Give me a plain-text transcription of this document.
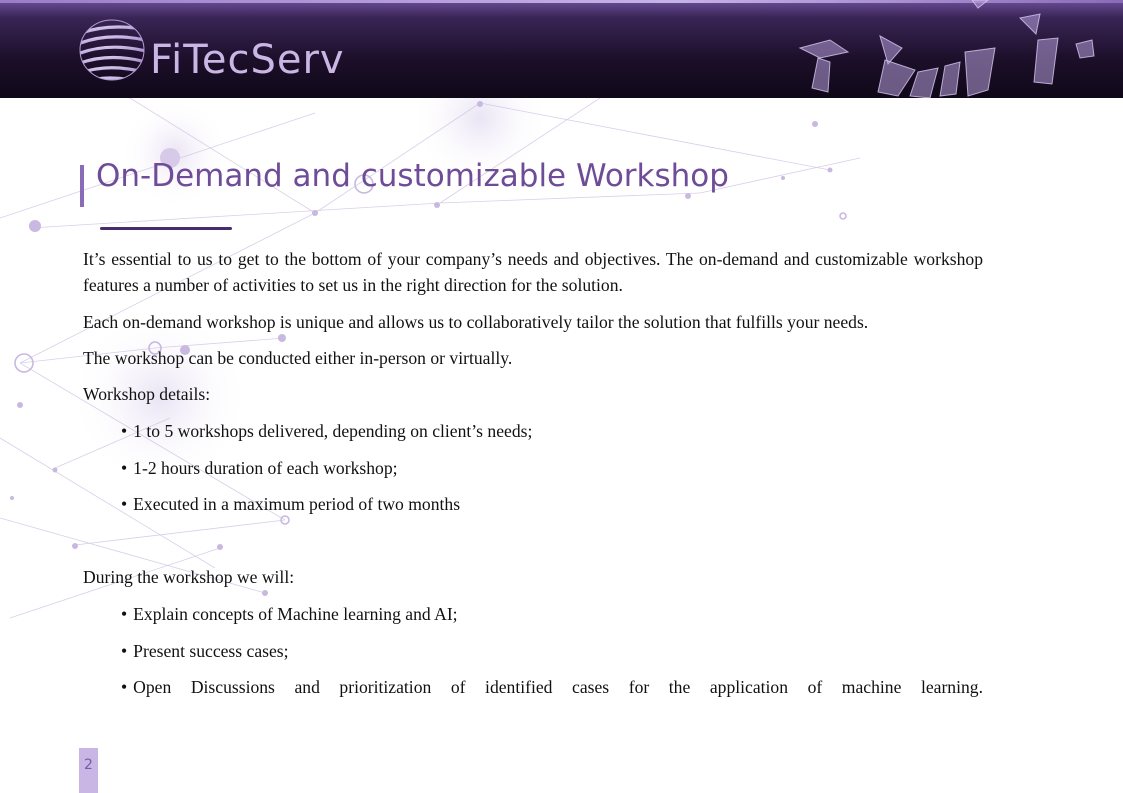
FiTecServ
On-Demand and customizable Workshop

It’s essential to us to get to the bottom of your company’s needs and objectives. The on-demand and customizable workshop features a number of activities to set us in the right direction for the solution.

Each on-demand workshop is unique and allows us to collaboratively tailor the solution that fulfills your needs.

The workshop can be conducted either in-person or virtually.

Workshop details:

• 1 to 5 workshops delivered, depending on client’s needs;
• 1-2 hours duration of each workshop;
• Executed in a maximum period of two months

During the workshop we will:

• Explain concepts of Machine learning and AI;
• Present success cases;
• Open Discussions and prioritization of identified cases for the application of machine learning.
2
